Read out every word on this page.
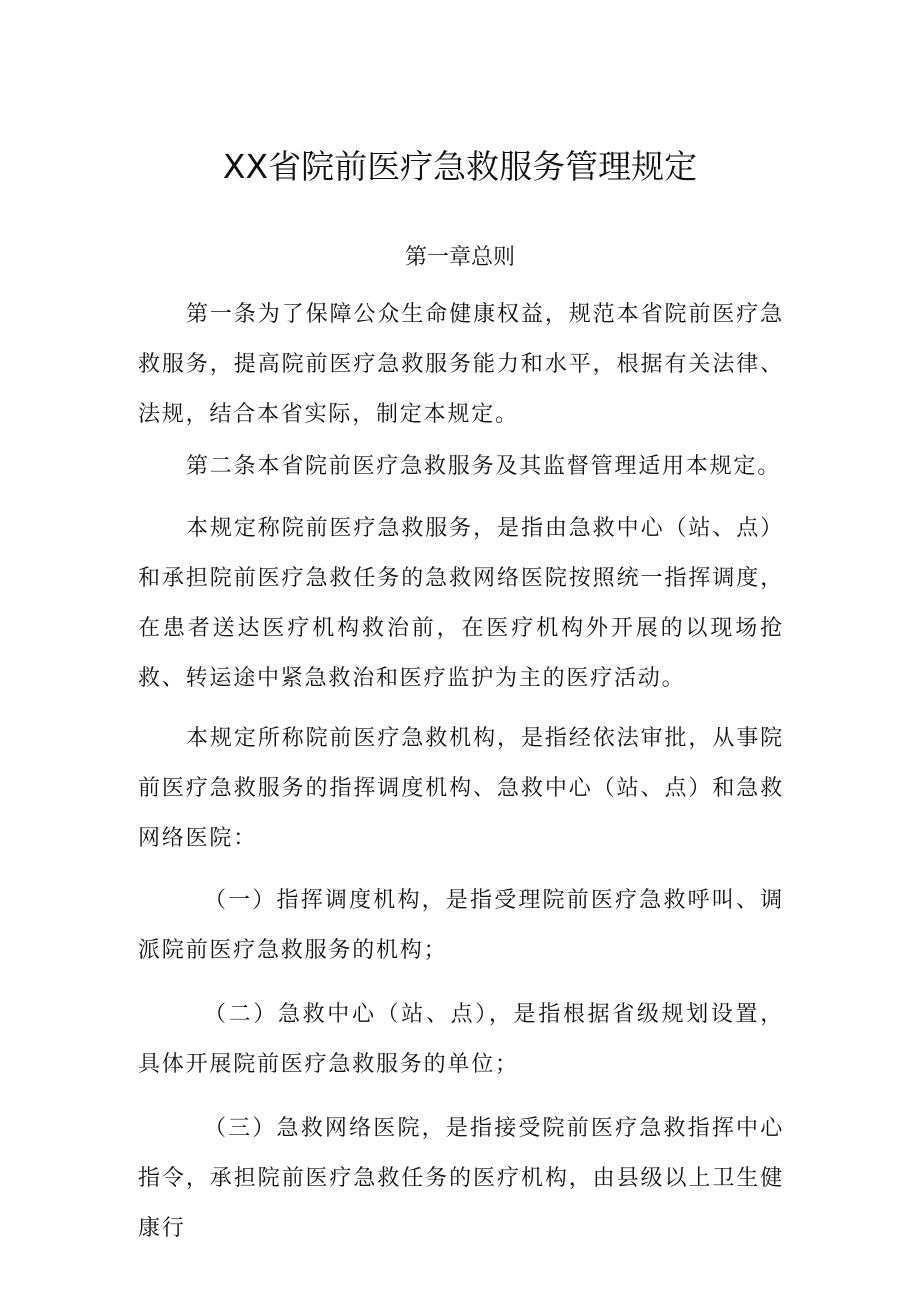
XX省院前医疗急救服务管理规定
第一章总则

第一条为了保障公众生命健康权益，规范本省院前医疗急救服务，提高院前医疗急救服务能力和水平，根据有关法律、法规，结合本省实际，制定本规定。

第二条本省院前医疗急救服务及其监督管理适用本规定。

本规定称院前医疗急救服务，是指由急救中心（站、点）和承担院前医疗急救任务的急救网络医院按照统一指挥调度，在患者送达医疗机构救治前，在医疗机构外开展的以现场抢救、转运途中紧急救治和医疗监护为主的医疗活动。

本规定所称院前医疗急救机构，是指经依法审批，从事院前医疗急救服务的指挥调度机构、急救中心（站、点）和急救网络医院：

（一）指挥调度机构，是指受理院前医疗急救呼叫、调派院前医疗急救服务的机构；

（二）急救中心（站、点），是指根据省级规划设置，具体开展院前医疗急救服务的单位；

（三）急救网络医院，是指接受院前医疗急救指挥中心指令，承担院前医疗急救任务的医疗机构，由县级以上卫生健康行
